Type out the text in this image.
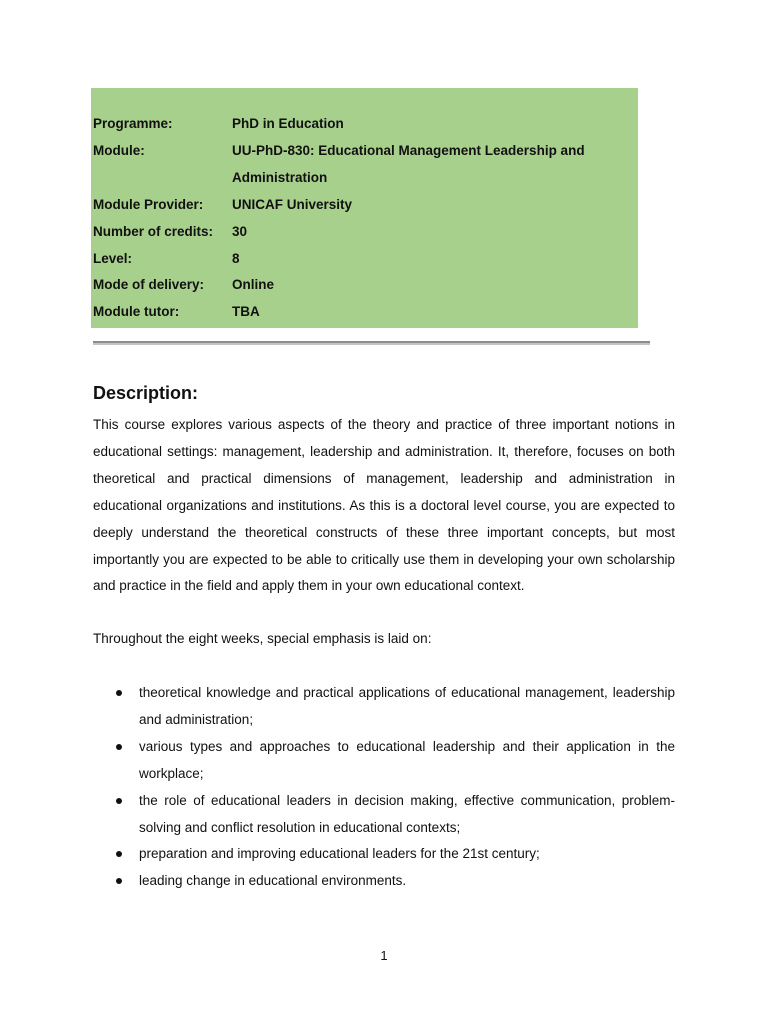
Programme:	PhD in Education
Module:	UU-PhD-830: Educational Management Leadership and Administration
Module Provider:	UNICAF University
Number of credits:	30
Level:	8
Mode of delivery:	Online
Module tutor:	TBA
Description:

This course explores various aspects of the theory and practice of three important notions in educational settings: management, leadership and administration. It, therefore, focuses on both theoretical and practical dimensions of management, leadership and administration in educational organizations and institutions. As this is a doctoral level course, you are expected to deeply understand the theoretical constructs of these three important concepts, but most importantly you are expected to be able to critically use them in developing your own scholarship and practice in the field and apply them in your own educational context.

Throughout the eight weeks, special emphasis is laid on:

theoretical knowledge and practical applications of educational management, leadership and administration;
various types and approaches to educational leadership and their application in the workplace;
the role of educational leaders in decision making, effective communication, problem-solving and conflict resolution in educational contexts;
preparation and improving educational leaders for the 21st century;
leading change in educational environments.
1
